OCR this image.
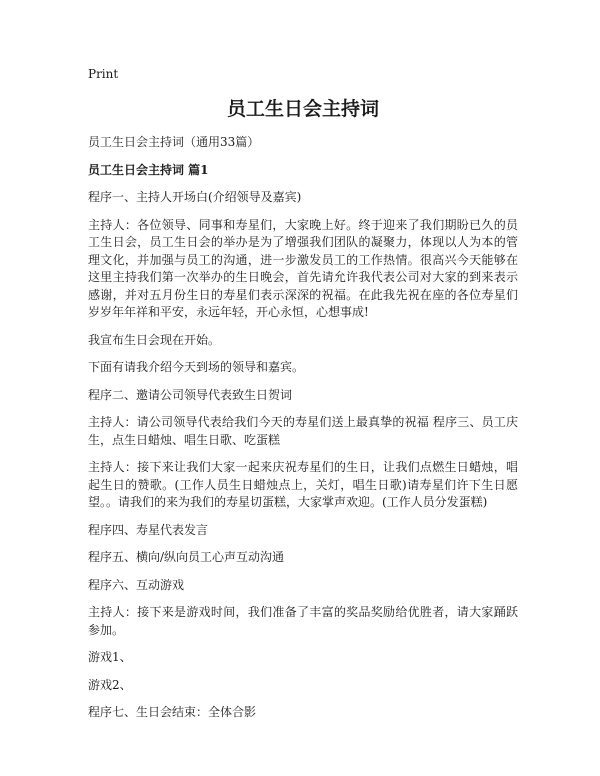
Print
员工生日会主持词
员工生日会主持词（通用33篇）
员工生日会主持词 篇1

程序一、主持人开场白(介绍领导及嘉宾)

主持人：各位领导、同事和寿星们，大家晚上好。终于迎来了我们期盼已久的员工生日会，员工生日会的举办是为了增强我们团队的凝聚力，体现以人为本的管理文化，并加强与员工的沟通，进一步激发员工的工作热情。很高兴今天能够在这里主持我们第一次举办的生日晚会，首先请允许我代表公司对大家的到来表示感谢，并对五月份生日的寿星们表示深深的祝福。在此我先祝在座的各位寿星们岁岁年年祥和平安，永远年轻，开心永恒，心想事成!

我宣布生日会现在开始。

下面有请我介绍今天到场的领导和嘉宾。

程序二、邀请公司领导代表致生日贺词

主持人：请公司领导代表给我们今天的寿星们送上最真挚的祝福 程序三、员工庆生，点生日蜡烛、唱生日歌、吃蛋糕

主持人：接下来让我们大家一起来庆祝寿星们的生日，让我们点燃生日蜡烛，唱起生日的赞歌。(工作人员生日蜡烛点上，关灯，唱生日歌)请寿星们许下生日愿望。。请我们的来为我们的寿星切蛋糕，大家掌声欢迎。(工作人员分发蛋糕)

程序四、寿星代表发言

程序五、横向/纵向员工心声互动沟通

程序六、互动游戏

主持人：接下来是游戏时间，我们准备了丰富的奖品奖励给优胜者，请大家踊跃参加。

游戏1、

游戏2、

程序七、生日会结束：全体合影
